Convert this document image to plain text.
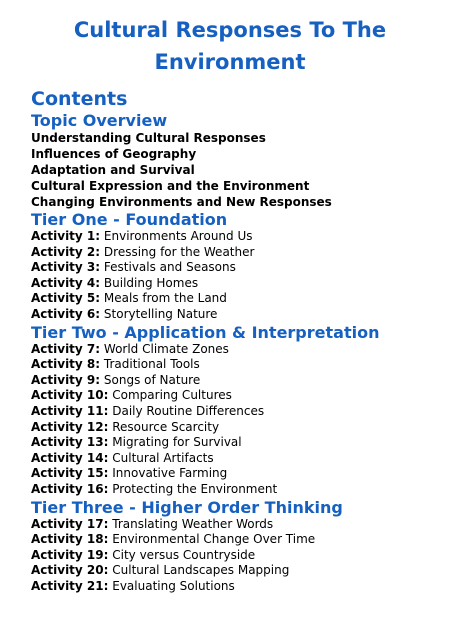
Cultural Responses To The
Environment
Contents
Topic Overview
Understanding Cultural Responses
Influences of Geography
Adaptation and Survival
Cultural Expression and the Environment
Changing Environments and New Responses
Tier One - Foundation
Activity 1: Environments Around Us
Activity 2: Dressing for the Weather
Activity 3: Festivals and Seasons
Activity 4: Building Homes
Activity 5: Meals from the Land
Activity 6: Storytelling Nature
Tier Two - Application & Interpretation
Activity 7: World Climate Zones
Activity 8: Traditional Tools
Activity 9: Songs of Nature
Activity 10: Comparing Cultures
Activity 11: Daily Routine Differences
Activity 12: Resource Scarcity
Activity 13: Migrating for Survival
Activity 14: Cultural Artifacts
Activity 15: Innovative Farming
Activity 16: Protecting the Environment
Tier Three - Higher Order Thinking
Activity 17: Translating Weather Words
Activity 18: Environmental Change Over Time
Activity 19: City versus Countryside
Activity 20: Cultural Landscapes Mapping
Activity 21: Evaluating Solutions
